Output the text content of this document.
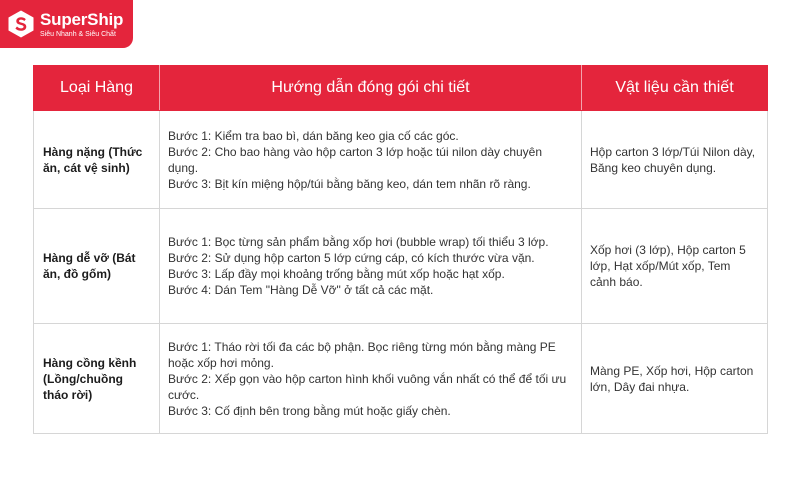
SuperShip
Siêu Nhanh & Siêu Chất
Loại Hàng	Hướng dẫn đóng gói chi tiết	Vật liệu cần thiết
Hàng nặng (Thức ăn, cát vệ sinh)	Bước 1: Kiểm tra bao bì, dán băng keo gia cố các góc.
Bước 2: Cho bao hàng vào hộp carton 3 lớp hoặc túi nilon dày chuyên dụng.
Bước 3: Bịt kín miệng hộp/túi bằng băng keo, dán tem nhãn rõ ràng.	Hộp carton 3 lớp/Túi Nilon dày, Băng keo chuyên dụng.
Hàng dễ vỡ (Bát ăn, đồ gốm)	Bước 1: Bọc từng sản phẩm bằng xốp hơi (bubble wrap) tối thiểu 3 lớp.
Bước 2: Sử dụng hộp carton 5 lớp cứng cáp, có kích thước vừa vặn.
Bước 3: Lấp đầy mọi khoảng trống bằng mút xốp hoặc hạt xốp.
Bước 4: Dán Tem "Hàng Dễ Vỡ" ở tất cả các mặt.	Xốp hơi (3 lớp), Hộp carton 5 lớp, Hạt xốp/Mút xốp, Tem cảnh báo.
Hàng cồng kềnh (Lồng/chuồng tháo rời)	Bước 1: Tháo rời tối đa các bộ phận. Bọc riêng từng món bằng màng PE hoặc xốp hơi mỏng.
Bước 2: Xếp gọn vào hộp carton hình khối vuông vắn nhất có thể để tối ưu cước.
Bước 3: Cố định bên trong bằng mút hoặc giấy chèn.	Màng PE, Xốp hơi, Hộp carton lớn, Dây đai nhựa.
